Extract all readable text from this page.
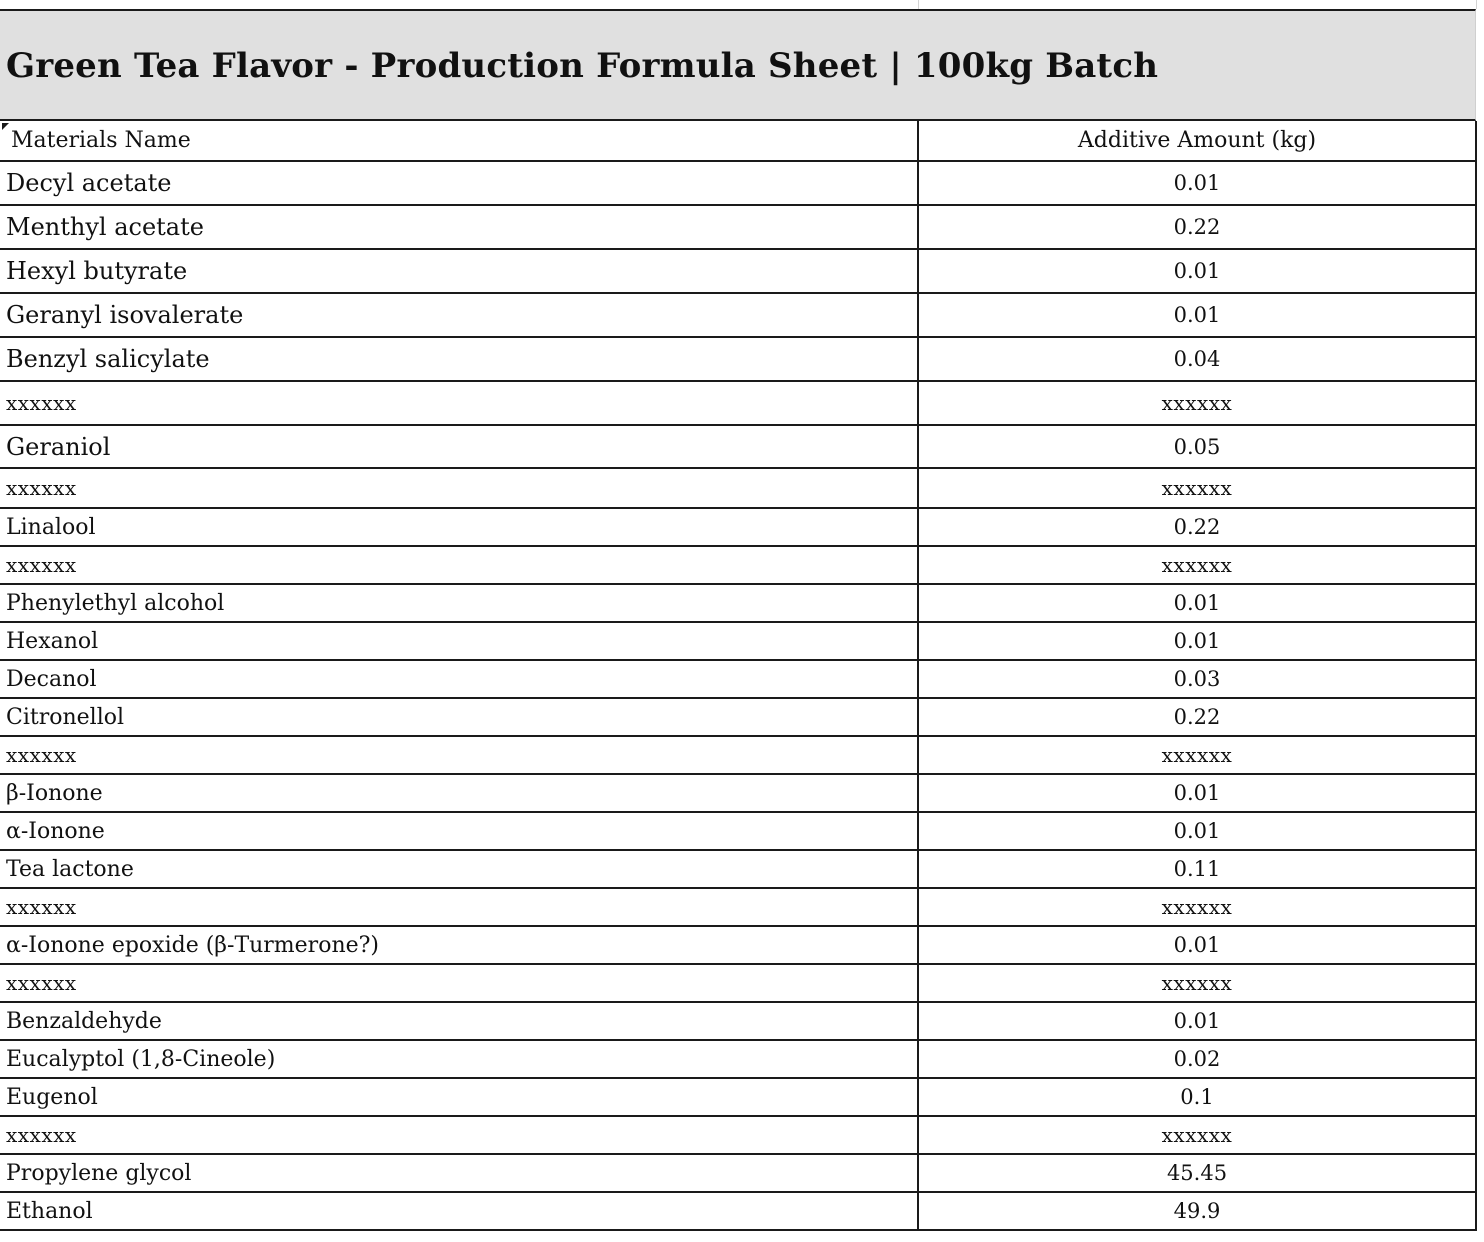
Green Tea Flavor - Production Formula Sheet | 100kg Batch
Materials Name	Additive Amount (kg)
Decyl acetate	0.01
Menthyl acetate	0.22
Hexyl butyrate	0.01
Geranyl isovalerate	0.01
Benzyl salicylate	0.04
xxxxxx	xxxxxx
Geraniol	0.05
xxxxxx	xxxxxx
Linalool	0.22
xxxxxx	xxxxxx
Phenylethyl alcohol	0.01
Hexanol	0.01
Decanol	0.03
Citronellol	0.22
xxxxxx	xxxxxx
β-Ionone	0.01
α-Ionone	0.01
Tea lactone	0.11
xxxxxx	xxxxxx
α-Ionone epoxide (β-Turmerone?)	0.01
xxxxxx	xxxxxx
Benzaldehyde	0.01
Eucalyptol (1,8-Cineole)	0.02
Eugenol	0.1
xxxxxx	xxxxxx
Propylene glycol	45.45
Ethanol	49.9
